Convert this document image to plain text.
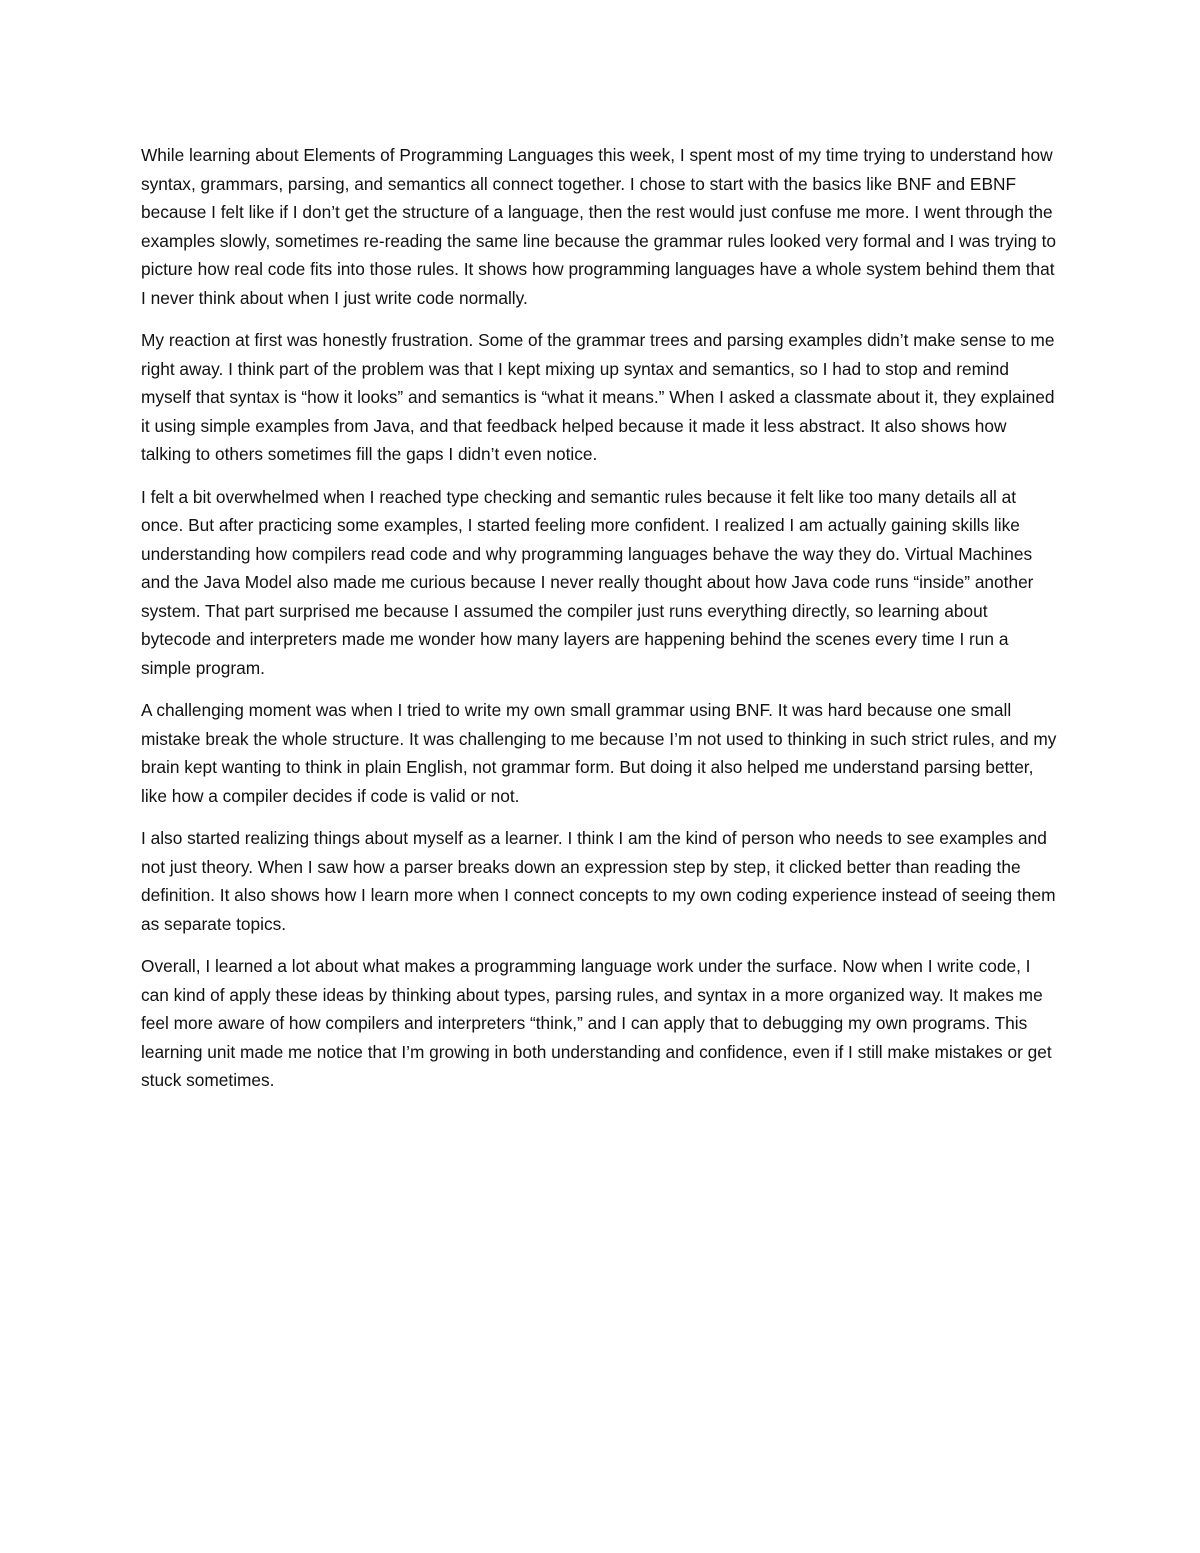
While learning about Elements of Programming Languages this week, I spent most of my time trying to understand how syntax, grammars, parsing, and semantics all connect together. I chose to start with the basics like BNF and EBNF because I felt like if I don’t get the structure of a language, then the rest would just confuse me more. I went through the examples slowly, sometimes re-reading the same line because the grammar rules looked very formal and I was trying to picture how real code fits into those rules. It shows how programming languages have a whole system behind them that I never think about when I just write code normally.

My reaction at first was honestly frustration. Some of the grammar trees and parsing examples didn’t make sense to me right away. I think part of the problem was that I kept mixing up syntax and semantics, so I had to stop and remind myself that syntax is “how it looks” and semantics is “what it means.” When I asked a classmate about it, they explained it using simple examples from Java, and that feedback helped because it made it less abstract. It also shows how talking to others sometimes fill the gaps I didn’t even notice.

I felt a bit overwhelmed when I reached type checking and semantic rules because it felt like too many details all at once. But after practicing some examples, I started feeling more confident. I realized I am actually gaining skills like understanding how compilers read code and why programming languages behave the way they do. Virtual Machines and the Java Model also made me curious because I never really thought about how Java code runs “inside” another system. That part surprised me because I assumed the compiler just runs everything directly, so learning about bytecode and interpreters made me wonder how many layers are happening behind the scenes every time I run a simple program.

A challenging moment was when I tried to write my own small grammar using BNF. It was hard because one small mistake break the whole structure. It was challenging to me because I’m not used to thinking in such strict rules, and my brain kept wanting to think in plain English, not grammar form. But doing it also helped me understand parsing better, like how a compiler decides if code is valid or not.

I also started realizing things about myself as a learner. I think I am the kind of person who needs to see examples and not just theory. When I saw how a parser breaks down an expression step by step, it clicked better than reading the definition. It also shows how I learn more when I connect concepts to my own coding experience instead of seeing them as separate topics.

Overall, I learned a lot about what makes a programming language work under the surface. Now when I write code, I can kind of apply these ideas by thinking about types, parsing rules, and syntax in a more organized way. It makes me feel more aware of how compilers and interpreters “think,” and I can apply that to debugging my own programs. This learning unit made me notice that I’m growing in both understanding and confidence, even if I still make mistakes or get stuck sometimes.
